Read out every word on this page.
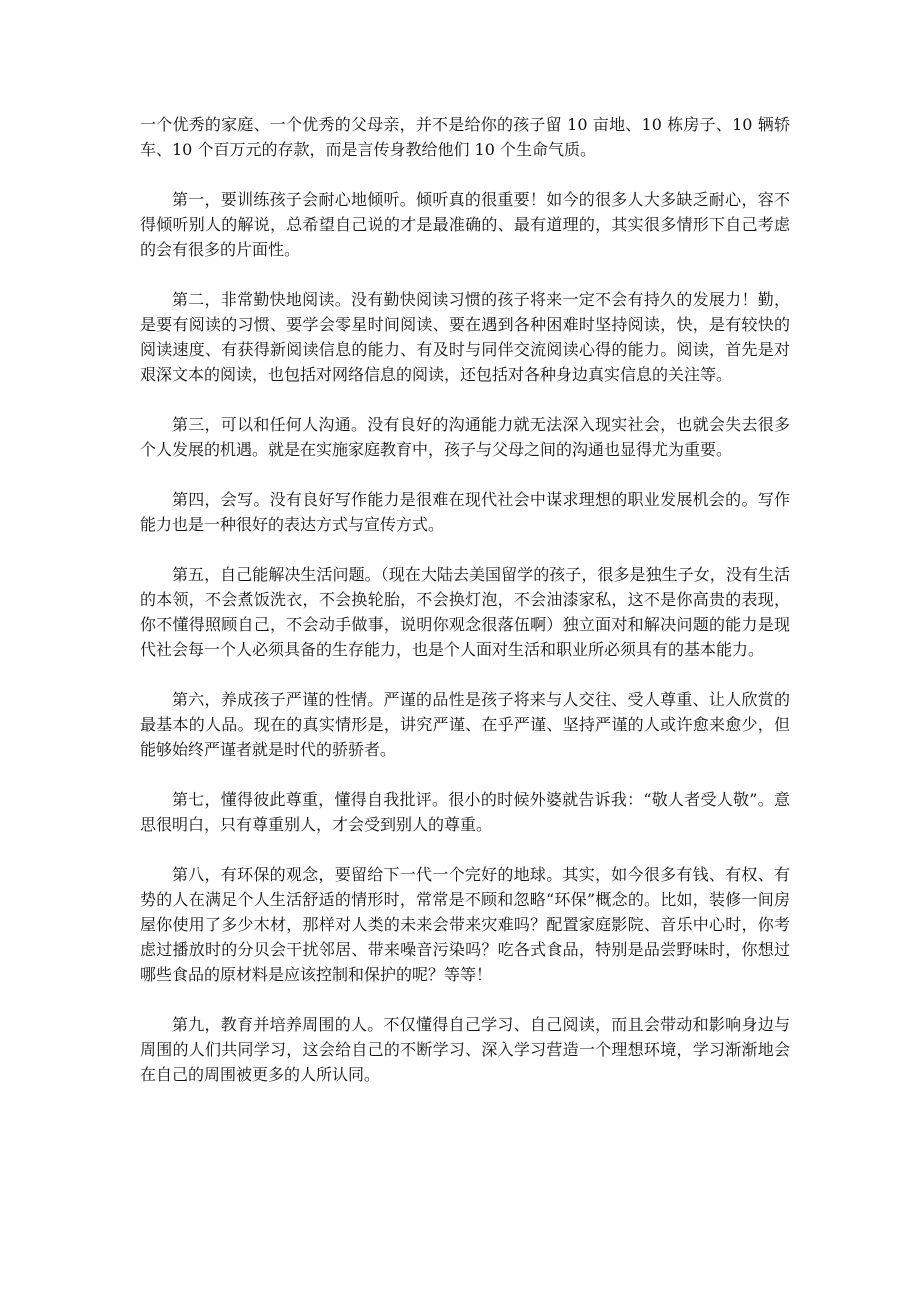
一个优秀的家庭、一个优秀的父母亲，并不是给你的孩子留 10 亩地、10 栋房子、10 辆轿车、10 个百万元的存款，而是言传身教给他们 10 个生命气质。

第一，要训练孩子会耐心地倾听。倾听真的很重要！如今的很多人大多缺乏耐心，容不得倾听别人的解说，总希望自己说的才是最准确的、最有道理的，其实很多情形下自己考虑的会有很多的片面性。

第二，非常勤快地阅读。没有勤快阅读习惯的孩子将来一定不会有持久的发展力！勤，是要有阅读的习惯、要学会零星时间阅读、要在遇到各种困难时坚持阅读，快，是有较快的阅读速度、有获得新阅读信息的能力、有及时与同伴交流阅读心得的能力。阅读，首先是对艰深文本的阅读，也包括对网络信息的阅读，还包括对各种身边真实信息的关注等。

第三，可以和任何人沟通。没有良好的沟通能力就无法深入现实社会，也就会失去很多个人发展的机遇。就是在实施家庭教育中，孩子与父母之间的沟通也显得尤为重要。

第四，会写。没有良好写作能力是很难在现代社会中谋求理想的职业发展机会的。写作能力也是一种很好的表达方式与宣传方式。

第五，自己能解决生活问题。（现在大陆去美国留学的孩子，很多是独生子女，没有生活的本领，不会煮饭洗衣，不会换轮胎，不会换灯泡，不会油漆家私，这不是你高贵的表现，你不懂得照顾自己，不会动手做事，说明你观念很落伍啊）独立面对和解决问题的能力是现代社会每一个人必须具备的生存能力，也是个人面对生活和职业所必须具有的基本能力。

第六，养成孩子严谨的性情。严谨的品性是孩子将来与人交往、受人尊重、让人欣赏的最基本的人品。现在的真实情形是，讲究严谨、在乎严谨、坚持严谨的人或许愈来愈少，但能够始终严谨者就是时代的骄骄者。

第七，懂得彼此尊重，懂得自我批评。很小的时候外婆就告诉我：“敬人者受人敬”。意思很明白，只有尊重别人，才会受到别人的尊重。

第八，有环保的观念，要留给下一代一个完好的地球。其实，如今很多有钱、有权、有势的人在满足个人生活舒适的情形时，常常是不顾和忽略“环保”概念的。比如，装修一间房屋你使用了多少木材，那样对人类的未来会带来灾难吗？配置家庭影院、音乐中心时，你考虑过播放时的分贝会干扰邻居、带来噪音污染吗？吃各式食品，特别是品尝野味时，你想过哪些食品的原材料是应该控制和保护的呢？等等！

第九，教育并培养周围的人。不仅懂得自己学习、自己阅读，而且会带动和影响身边与周围的人们共同学习，这会给自己的不断学习、深入学习营造一个理想环境，学习渐渐地会在自己的周围被更多的人所认同。
